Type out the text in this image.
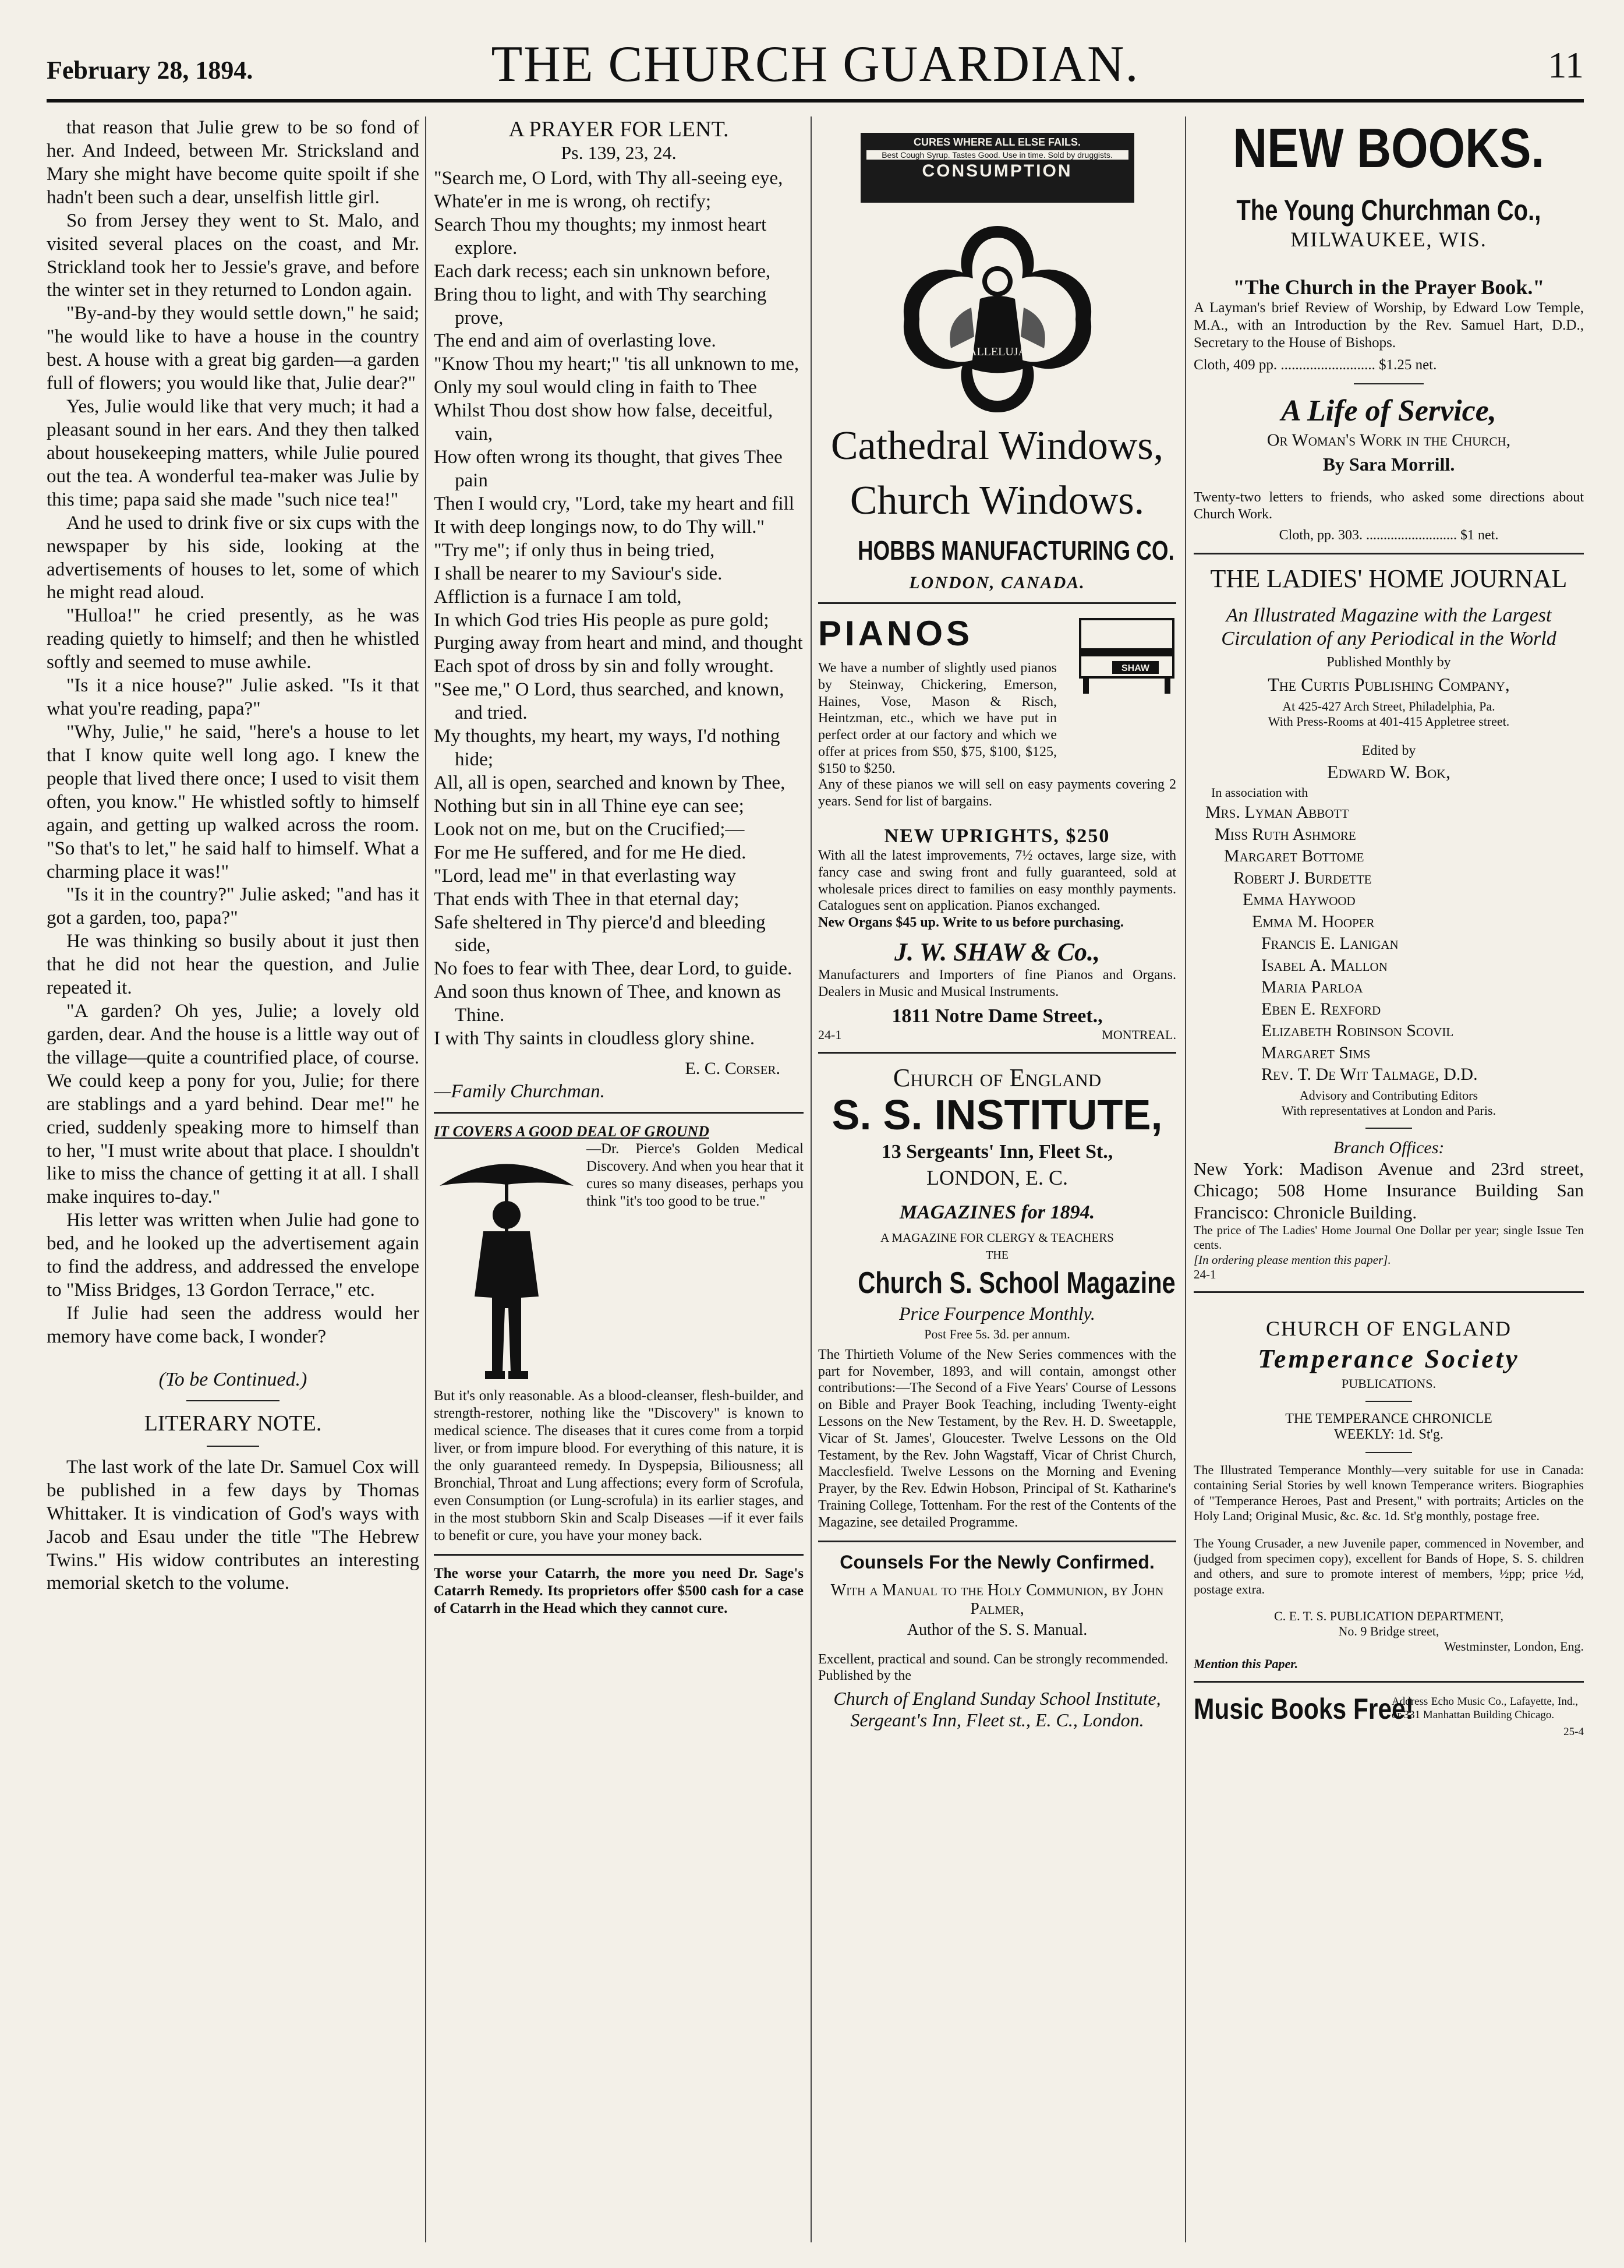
February 28, 1894.	THE CHURCH GUARDIAN.	11

that reason that Julie grew to be so fond of her. And Indeed, between Mr. Stricksland and Mary she might have become quite spoilt if she hadn't been such a dear, unselfish little girl.

So from Jersey they went to St. Malo, and visited several places on the coast, and Mr. Strickland took her to Jessie's grave, and before the winter set in they returned to London again.

"By-and-by they would settle down," he said; "he would like to have a house in the country best. A house with a great big garden—a garden full of flowers; you would like that, Julie dear?"

Yes, Julie would like that very much; it had a pleasant sound in her ears. And they then talked about housekeeping matters, while Julie poured out the tea. A wonderful tea-maker was Julie by this time; papa said she made "such nice tea!"

And he used to drink five or six cups with the newspaper by his side, looking at the advertisements of houses to let, some of which he might read aloud.

"Hulloa!" he cried presently, as he was reading quietly to himself; and then he whistled softly and seemed to muse awhile.

"Is it a nice house?" Julie asked. "Is it that what you're reading, papa?"

"Why, Julie," he said, "here's a house to let that I know quite well long ago. I knew the people that lived there once; I used to visit them often, you know." He whistled softly to himself again, and getting up walked across the room. "So that's to let," he said half to himself. What a charming place it was!"

"Is it in the country?" Julie asked; "and has it got a garden, too, papa?"

He was thinking so busily about it just then that he did not hear the question, and Julie repeated it.

"A garden? Oh yes, Julie; a lovely old garden, dear. And the house is a little way out of the village—quite a countrified place, of course. We could keep a pony for you, Julie; for there are stablings and a yard behind. Dear me!" he cried, suddenly speaking more to himself than to her, "I must write about that place. I shouldn't like to miss the chance of getting it at all. I shall make inquires to-day."

His letter was written when Julie had gone to bed, and he looked up the advertisement again to find the address, and addressed the envelope to "Miss Bridges, 13 Gordon Terrace," etc.

If Julie had seen the address would her memory have come back, I wonder?

(To be Continued.)

LITERARY NOTE.

The last work of the late Dr. Samuel Cox will be published in a few days by Thomas Whittaker. It is vindication of God's ways with Jacob and Esau under the title "The Hebrew Twins." His widow contributes an interesting memorial sketch to the volume.

A PRAYER FOR LENT.

Ps. 139, 23, 24.

"Search me, O Lord, with Thy all-seeing eye,

Whate'er in me is wrong, oh rectify;

Search Thou my thoughts; my inmost heart explore.

Each dark recess; each sin unknown before,

Bring thou to light, and with Thy searching prove,

The end and aim of overlasting love.

"Know Thou my heart;" 'tis all unknown to me,

Only my soul would cling in faith to Thee

Whilst Thou dost show how false, deceitful, vain,

How often wrong its thought, that gives Thee pain

Then I would cry, "Lord, take my heart and fill

It with deep longings now, to do Thy will."

"Try me"; if only thus in being tried,

I shall be nearer to my Saviour's side.

Affliction is a furnace I am told,

In which God tries His people as pure gold;

Purging away from heart and mind, and thought

Each spot of dross by sin and folly wrought.

"See me," O Lord, thus searched, and known, and tried.

My thoughts, my heart, my ways, I'd nothing hide;

All, all is open, searched and known by Thee,

Nothing but sin in all Thine eye can see;

Look not on me, but on the Crucified;—

For me He suffered, and for me He died.

"Lord, lead me" in that everlasting way

That ends with Thee in that eternal day;

Safe sheltered in Thy pierce'd and bleeding side,

No foes to fear with Thee, dear Lord, to guide.

And soon thus known of Thee, and known as Thine.

I with Thy saints in cloudless glory shine.

E. C. Corser.

—Family Churchman.

IT COVERS A GOOD DEAL OF GROUND

—Dr. Pierce's Golden Medical Discovery. And when you hear that it cures so many diseases, perhaps you think "it's too good to be true."

But it's only reasonable. As a blood-cleanser, flesh-builder, and strength-restorer, nothing like the "Discovery" is known to medical science. The diseases that it cures come from a torpid liver, or from impure blood. For everything of this nature, it is the only guaranteed remedy. In Dyspepsia, Biliousness; all Bronchial, Throat and Lung affections; every form of Scrofula, even Consumption (or Lung-scrofula) in its earlier stages, and in the most stubborn Skin and Scalp Diseases —if it ever fails to benefit or cure, you have your money back.

The worse your Catarrh, the more you need Dr. Sage's Catarrh Remedy. Its proprietors offer $500 cash for a case of Catarrh in the Head which they cannot cure.

CURES WHERE ALL ELSE FAILS.
Best Cough Syrup. Tastes Good. Use in time. Sold by druggists.
CONSUMPTION
HALLELUJAH

Cathedral Windows,

Church Windows.

HOBBS MANUFACTURING CO.

LONDON, CANADA.

PIANOS

SHAW

We have a number of slightly used pianos by Steinway, Chickering, Emerson, Haines, Vose, Mason & Risch, Heintzman, etc., which we have put in perfect order at our factory and which we offer at prices from $50, $75, $100, $125, $150 to $250.

Any of these pianos we will sell on easy payments covering 2 years. Send for list of bargains.

NEW UPRIGHTS, $250

With all the latest improvements, 7½ octaves, large size, with fancy case and swing front and fully guaranteed, sold at wholesale prices direct to families on easy monthly payments. Catalogues sent on application. Pianos exchanged.

New Organs $45 up. Write to us before purchasing.

J. W. SHAW & Co.,

Manufacturers and Importers of fine Pianos and Organs. Dealers in Music and Musical Instruments.

1811 Notre Dame Street.,

24-1	MONTREAL.

Church of England

S. S. INSTITUTE,

13 Sergeants' Inn, Fleet St.,

LONDON, E. C.

MAGAZINES for 1894.

A MAGAZINE FOR CLERGY & TEACHERS

THE

Church S. School Magazine

Price Fourpence Monthly.

Post Free 5s. 3d. per annum.

The Thirtieth Volume of the New Series commences with the part for November, 1893, and will contain, amongst other contributions:—The Second of a Five Years' Course of Lessons on Bible and Prayer Book Teaching, including Twenty-eight Lessons on the New Testament, by the Rev. H. D. Sweetapple, Vicar of St. James', Gloucester. Twelve Lessons on the Old Testament, by the Rev. John Wagstaff, Vicar of Christ Church, Macclesfield. Twelve Lessons on the Morning and Evening Prayer, by the Rev. Edwin Hobson, Principal of St. Katharine's Training College, Tottenham. For the rest of the Contents of the Magazine, see detailed Programme.

Counsels For the Newly Confirmed.

With a Manual to the Holy Communion, by John Palmer,

Author of the S. S. Manual.

Excellent, practical and sound. Can be strongly recommended.

Published by the

Church of England Sunday School Institute, Sergeant's Inn, Fleet st., E. C., London.

NEW BOOKS.

The Young Churchman Co.,

MILWAUKEE, WIS.

"The Church in the Prayer Book."

A Layman's brief Review of Worship, by Edward Low Temple, M.A., with an Introduction by the Rev. Samuel Hart, D.D., Secretary to the House of Bishops.

Cloth, 409 pp. .......................... $1.25 net.

A Life of Service,

Or Woman's Work in the Church,

By Sara Morrill.

Twenty-two letters to friends, who asked some directions about Church Work.

Cloth, pp. 303. .......................... $1 net.

THE LADIES' HOME JOURNAL

An Illustrated Magazine with the Largest Circulation of any Periodical in the World

Published Monthly by

The Curtis Publishing Company,

At 425-427 Arch Street, Philadelphia, Pa.

With Press-Rooms at 401-415 Appletree street.

Edited by

Edward W. Bok,

In association with

Mrs. Lyman Abbott

Miss Ruth Ashmore

Margaret Bottome

Robert J. Burdette

Emma Haywood

Emma M. Hooper

Francis E. Lanigan

Isabel A. Mallon

Maria Parloa

Eben E. Rexford

Elizabeth Robinson Scovil

Margaret Sims

Rev. T. De Wit Talmage, D.D.

Advisory and Contributing Editors

With representatives at London and Paris.

Branch Offices:

New York: Madison Avenue and 23rd street, Chicago; 508 Home Insurance Building San Francisco: Chronicle Building.

The price of The Ladies' Home Journal One Dollar per year; single Issue Ten cents.

[In ordering please mention this paper].

24-1

CHURCH OF ENGLAND

Temperance Society

PUBLICATIONS.

THE TEMPERANCE CHRONICLE

WEEKLY: 1d. St'g.

The Illustrated Temperance Monthly—very suitable for use in Canada: containing Serial Stories by well known Temperance writers. Biographies of "Temperance Heroes, Past and Present," with portraits; Articles on the Holy Land; Original Music, &c. &c. 1d. St'g monthly, postage free.

The Young Crusader, a new Juvenile paper, commenced in November, and (judged from specimen copy), excellent for Bands of Hope, S. S. children and others, and sure to promote interest of members, ½pp; price ½d, postage extra.

C. E. T. S. PUBLICATION DEPARTMENT,

No. 9 Bridge street,

Westminster, London, Eng.

Mention this Paper.

Music Books Free!
Address Echo Music Co., Lafayette, Ind., or 331 Manhattan Building Chicago.

25-4
